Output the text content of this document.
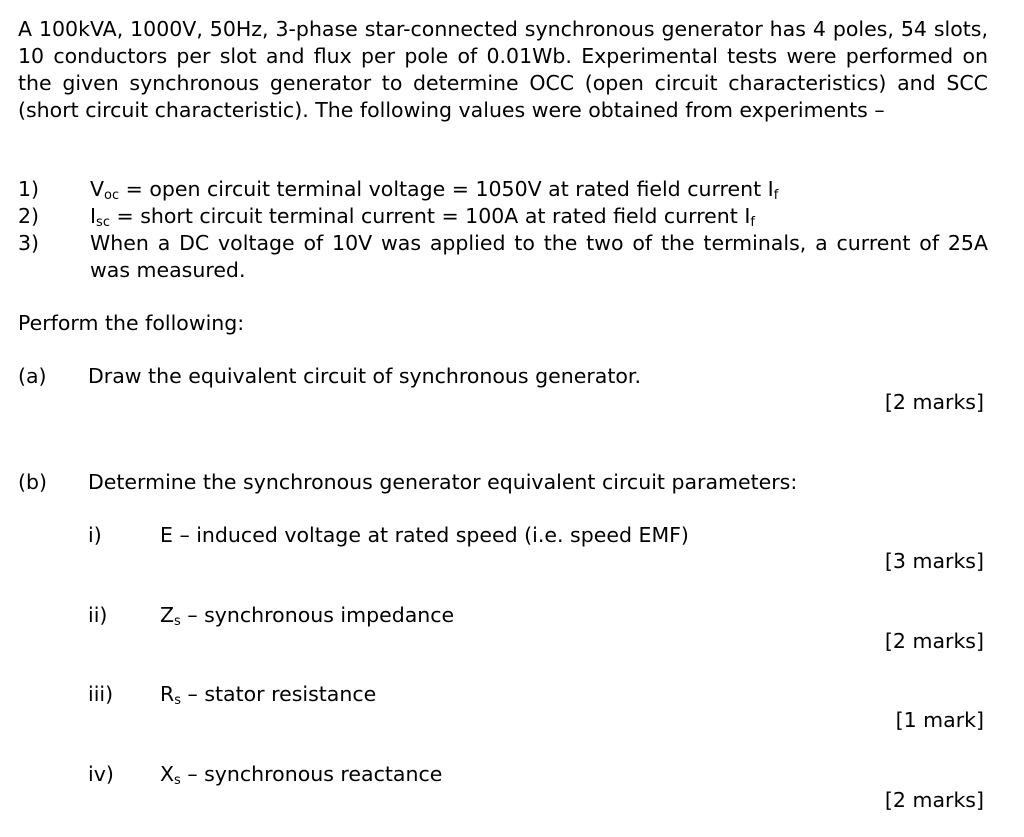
A 100kVA, 1000V, 50Hz, 3-phase star-connected synchronous generator has 4 poles, 54 slots, 10 conductors per slot and flux per pole of 0.01Wb. Experimental tests were performed on the given synchronous generator to determine OCC (open circuit characteristics) and SCC (short circuit characteristic). The following values were obtained from experiments –

1) $V_{oc}$ = open circuit terminal voltage = 1050V at rated field current $I_f$
2) $I_{sc}$ = short circuit terminal current = 100A at rated field current $I_f$
3) When a DC voltage of 10V was applied to the two of the terminals, a current of 25A was measured.
Perform the following:
(a) Draw the equivalent circuit of synchronous generator.
[2 marks]
(b) Determine the synchronous generator equivalent circuit parameters:
i)	E – induced voltage at rated speed (i.e. speed EMF)
[3 marks]
ii)	$Z_s$ – synchronous impedance
[2 marks]
iii) $R_s$ – stator resistance
[1 mark]
iv) $X_s$ – synchronous reactance
[2 marks]
